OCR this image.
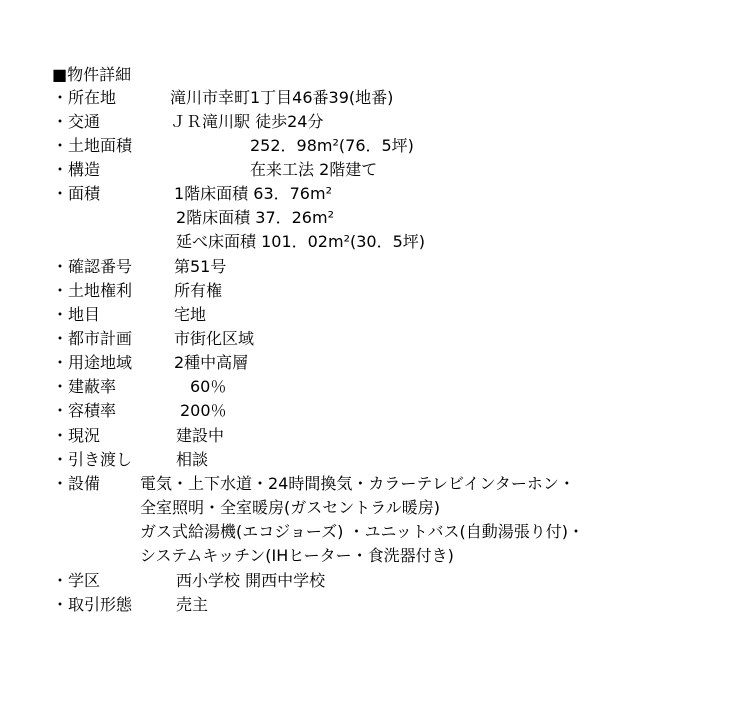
■物件詳細
・所在地	滝川市幸町1丁目46番39(地番)
・交通	ＪＲ滝川駅 徒歩24分
・土地面積	252．98m²(76．5坪)
・構造	在来工法 2階建て
・面積	1階床面積 63．76m²
2階床面積 37．26m²
延べ床面積 101．02m²(30．5坪)
・確認番号	第51号
・土地権利	所有権
・地目	宅地
・都市計画	市街化区域
・用途地域	2種中高層
・建蔽率	60％
・容積率	200％
・現況	建設中
・引き渡し	相談
・設備 電気・上下水道・24時間換気・カラーテレビインターホン・
全室照明・全室暖房(ガスセントラル暖房)
ガス式給湯機(エコジョーズ) ・ユニットバス(自動湯張り付)・
システムキッチン(IHヒーター・食洗器付き)
・学区	西小学校 開西中学校
・取引形態	売主
